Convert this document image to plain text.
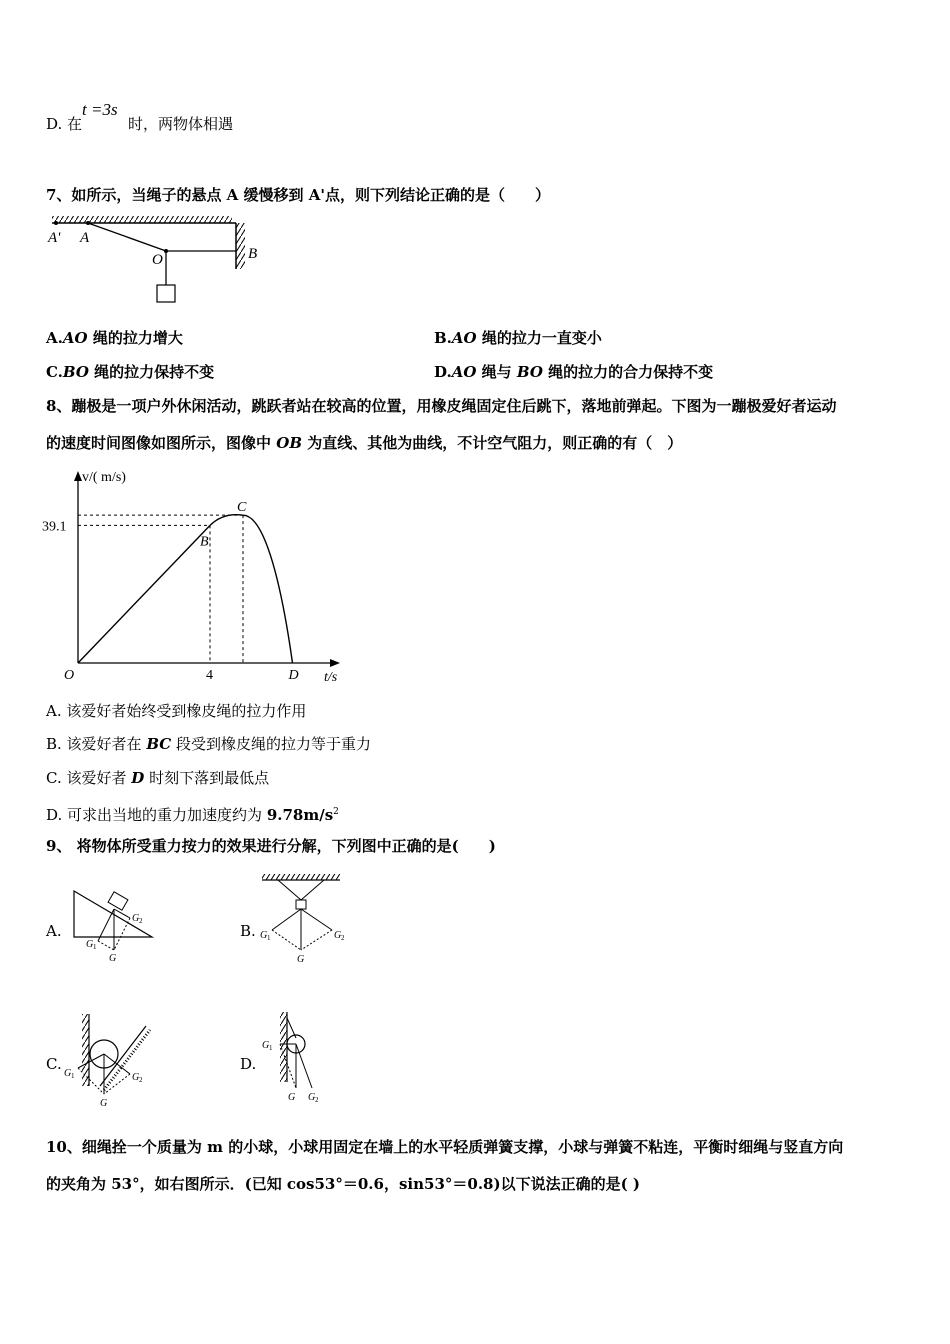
D. 在
t =3s
时，两物体相遇
7、如所示，当绳子的悬点 A 缓慢移到 A'点，则下列结论正确的是（　　）
A' A
O	B
A.AO 绳的拉力增大	B.AO 绳的拉力一直变小
C.BO 绳的拉力保持不变	D.AO 绳与 BO 绳的拉力的合力保持不变
8、蹦极是一项户外休闲活动，跳跃者站在较高的位置，用橡皮绳固定住后跳下，落地前弹起。下图为一蹦极爱好者运动
的速度时间图像如图所示，图像中 OB 为直线、其他为曲线，不计空气阻力，则正确的有（　）
v/( m/s)
t/s
O
39.1
4
B
C
D
A. 该爱好者始终受到橡皮绳的拉力作用
B. 该爱好者在 BC 段受到橡皮绳的拉力等于重力
C. 该爱好者 D 时刻下落到最低点
D. 可求出当地的重力加速度约为 $9.78m/s^2$
9、 将物体所受重力按力的效果进行分解，下列图中正确的是(　　)
A.
G 2
G 1
G
B. G 1	G 2
G
C.
G 1	G 2
G
D.
G 1
G G 2
10、细绳拴一个质量为 m 的小球，小球用固定在墙上的水平轻质弹簧支撑，小球与弹簧不粘连，平衡时细绳与竖直方向
的夹角为 53°，如右图所示．(已知 cos53°＝0.6，sin53°＝0.8)以下说法正确的是( )
